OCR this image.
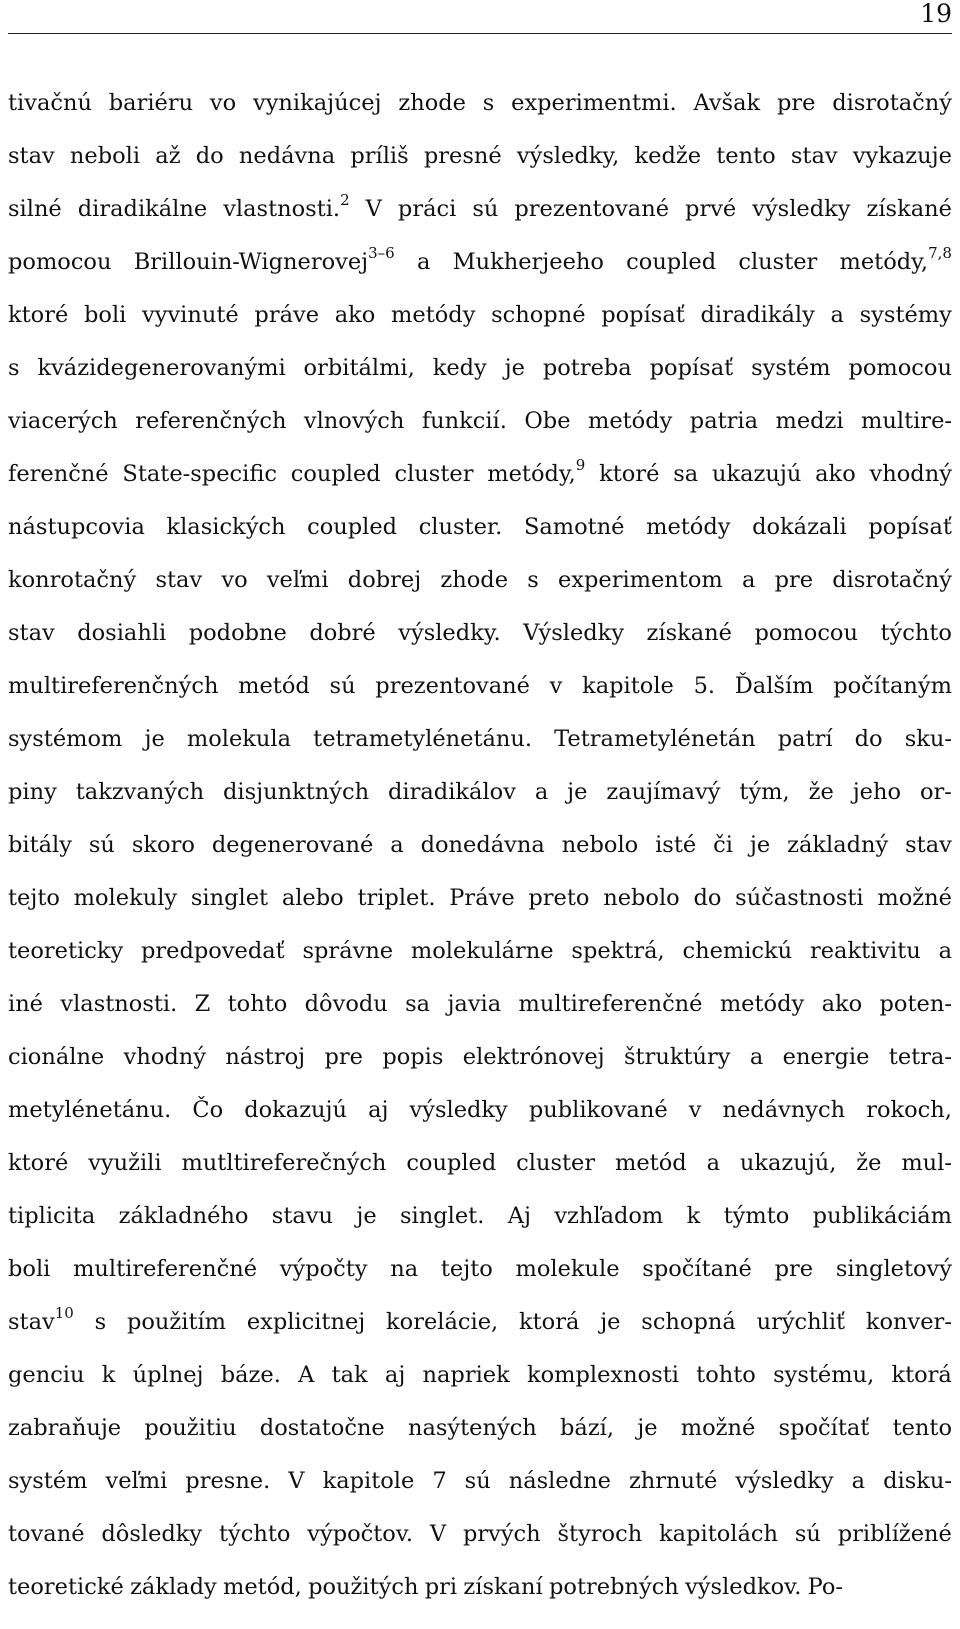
19
tivačnú bariéru vo vynikajúcej zhode s experimentmi. Avšak pre disrotačný
stav neboli až do nedávna príliš presné výsledky, kedže tento stav vykazuje
silné diradikálne vlastnosti.$^2$ V práci sú prezentované prvé výsledky získané
pomocou Brillouin-Wignerovej$^{3-6}$ a Mukherjeeho coupled cluster metódy,$^{7,8}$
ktoré boli vyvinuté práve ako metódy schopné popísať diradikály a systémy
s kvázidegenerovanými orbitálmi, kedy je potreba popísať systém pomocou
viacerých referenčných vlnových funkcií. Obe metódy patria medzi multire-
ferenčné State-specific coupled cluster metódy,$^9$ ktoré sa ukazujú ako vhodný
nástupcovia klasických coupled cluster. Samotné metódy dokázali popísať
konrotačný stav vo veľmi dobrej zhode s experimentom a pre disrotačný
stav dosiahli podobne dobré výsledky. Výsledky získané pomocou týchto
multireferenčných metód sú prezentované v kapitole 5. Ďalším počítaným
systémom je molekula tetrametylénetánu. Tetrametylénetán patrí do sku-
piny takzvaných disjunktných diradikálov a je zaujímavý tým, že jeho or-
bitály sú skoro degenerované a donedávna nebolo isté či je základný stav
tejto molekuly singlet alebo triplet. Práve preto nebolo do súčastnosti možné
teoreticky predpovedať správne molekulárne spektrá, chemickú reaktivitu a
iné vlastnosti. Z tohto dôvodu sa javia multireferenčné metódy ako poten-
cionálne vhodný nástroj pre popis elektrónovej štruktúry a energie tetra-
metylénetánu. Čo dokazujú aj výsledky publikované v nedávnych rokoch,
ktoré využili mutltireferečných coupled cluster metód a ukazujú, že mul-
tiplicita základného stavu je singlet. Aj vzhľadom k týmto publikáciám
boli multireferenčné výpočty na tejto molekule spočítané pre singletový
stav$^{10}$ s použitím explicitnej korelácie, ktorá je schopná urýchliť konver-
genciu k úplnej báze. A tak aj napriek komplexnosti tohto systému, ktorá
zabraňuje použitiu dostatočne nasýtených bází, je možné spočítať tento
systém veľmi presne. V kapitole 7 sú následne zhrnuté výsledky a disku-
tované dôsledky týchto výpočtov. V prvých štyroch kapitolách sú priblížené
teoretické základy metód, použitých pri získaní potrebných výsledkov. Po-
